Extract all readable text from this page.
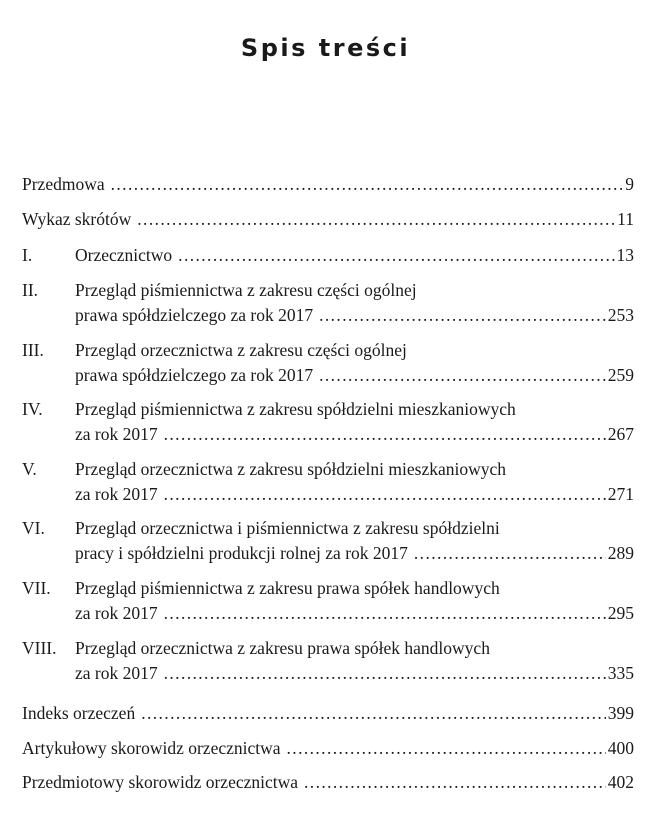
Spis treści
Przedmowa .....	9
Wykaz skrótów .....	11
I. Orzecznictwo .....	13
II. Przegląd piśmiennictwa z zakresu części ogólnej
prawa spółdzielczego za rok 2017 .....	253
III. Przegląd orzecznictwa z zakresu części ogólnej
prawa spółdzielczego za rok 2017 .....	259
IV. Przegląd piśmiennictwa z zakresu spółdzielni mieszkaniowych
za rok 2017 .....	267
V. Przegląd orzecznictwa z zakresu spółdzielni mieszkaniowych
za rok 2017 .....	271
VI. Przegląd orzecznictwa i piśmiennictwa z zakresu spółdzielni
pracy i spółdzielni produkcji rolnej za rok 2017 .....	289
VII. Przegląd piśmiennictwa z zakresu prawa spółek handlowych
za rok 2017 .....	295
VIII. Przegląd orzecznictwa z zakresu prawa spółek handlowych
za rok 2017 .....	335
Indeks orzeczeń .....	399
Artykułowy skorowidz orzecznictwa .....	400
Przedmiotowy skorowidz orzecznictwa .....	402
